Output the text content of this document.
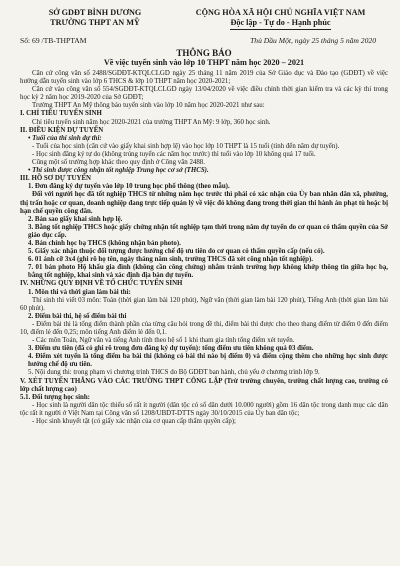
SỞ GDĐT BÌNH DƯƠNG
TRƯỜNG THPT AN MỸ
CỘNG HÒA XÃ HỘI CHỦ NGHĨA VIỆT NAM
Độc lập - Tự do - Hạnh phúc
Số: 69 /TB-THPTAM	Thủ Dầu Một, ngày 25 tháng 5 năm 2020
THÔNG BÁO
Về việc tuyển sinh vào lớp 10 THPT năm học 2020 – 2021

Căn cứ công văn số 2488/SGDĐT-KTQLCLGD ngày 25 tháng 11 năm 2019 của Sở Giáo dục và Đào tạo (GDĐT) về việc hướng dẫn tuyển sinh vào lớp 6 THCS & lớp 10 THPT năm học 2020-2021;

Căn cứ vào công văn số 554/SGDĐT-KTQLCLGD ngày 13/04/2020 về việc điều chỉnh thời gian kiểm tra và các kỳ thi trong học kỳ 2 năm học 2019-2020 của Sở GDĐT;

Trường THPT An Mỹ thông báo tuyển sinh vào lớp 10 năm học 2020-2021 như sau:

I. CHỈ TIÊU TUYỂN SINH

Chỉ tiêu tuyển sinh năm học 2020-2021 của trường THPT An Mỹ: 9 lớp, 360 học sinh.

II. ĐIỀU KIỆN DỰ TUYỂN

• Tuổi của thí sinh dự thi:

- Tuổi của học sinh (căn cứ vào giấy khai sinh hợp lệ) vào học lớp 10 THPT là 15 tuổi (tính đến năm dự tuyển).

- Học sinh đăng ký tự do (không trúng tuyển các năm học trước) thì tuổi vào lớp 10 không quá 17 tuổi.

Cũng một số trường hợp khác theo quy định ở Công văn 2488.

• Thí sinh được công nhận tốt nghiệp Trung học cơ sở (THCS).

III. HỒ SƠ DỰ TUYỂN

1. Đơn đăng ký dự tuyển vào lớp 10 trung học phổ thông (theo mẫu).

Đối với người học đã tốt nghiệp THCS từ những năm học trước thì phải có xác nhận của Ủy ban nhân dân xã, phường, thị trấn hoặc cơ quan, doanh nghiệp đang trực tiếp quản lý về việc đó không đang trong thời gian thi hành án phạt tù hoặc bị hạn chế quyền công dân.

2. Bản sao giấy khai sinh hợp lệ.

3. Bằng tốt nghiệp THCS hoặc giấy chứng nhận tốt nghiệp tạm thời trong năm dự tuyển do cơ quan có thẩm quyền của Sở giáo dục cấp.

4. Bản chính học bạ THCS (không nhận bản photo).

5. Giấy xác nhận thuộc đối tượng được hưởng chế độ ưu tiên do cơ quan có thẩm quyền cấp (nếu có).

6. 01 ảnh cỡ 3x4 (ghi rõ họ tên, ngày tháng năm sinh, trường THCS đã xét công nhận tốt nghiệp).

7. 01 bản photo Hộ khẩu gia đình (không cần công chứng) nhằm tránh trường hợp không khớp thông tin giữa học bạ, bằng tốt nghiệp, khai sinh và xác định địa bàn dự tuyển.

IV. NHỮNG QUY ĐỊNH VỀ TỔ CHỨC TUYỂN SINH

1. Môn thi và thời gian làm bài thi:

Thí sinh thi viết 03 môn: Toán (thời gian làm bài 120 phút), Ngữ văn (thời gian làm bài 120 phút), Tiếng Anh (thời gian làm bài 60 phút).

2. Điểm bài thi, hệ số điểm bài thi

- Điểm bài thi là tổng điểm thành phần của từng câu hỏi trong đề thi, điểm bài thi được cho theo thang điểm từ điểm 0 đến điểm 10, điểm lẻ đến 0,25; môn tiếng Anh điểm lẻ đến 0,1.

- Các môn Toán, Ngữ văn và tiếng Anh tính theo hệ số 1 khi tham gia tính tổng điểm xét tuyển.

3. Điểm ưu tiên (đã có ghi rõ trong đơn đăng ký dự tuyển): tổng điểm ưu tiên không quá 03 điểm.

4. Điểm xét tuyển là tổng điểm ba bài thi (không có bài thi nào bị điểm 0) và điểm cộng thêm cho những học sinh được hưởng chế độ ưu tiên.

5. Nội dung thi: trong phạm vi chương trình THCS do Bộ GDĐT ban hành, chủ yếu ở chương trình lớp 9.

V. XÉT TUYỂN THẲNG VÀO CÁC TRƯỜNG THPT CÔNG LẬP (Trừ trường chuyên, trường chất lượng cao, trường có lớp chất lượng cao)

5.1. Đối tượng học sinh:

- Học sinh là người dân tộc thiểu số rất ít người (dân tộc có số dân dưới 10.000 người) gồm 16 dân tộc trong danh mục các dân tộc rất ít người ở Việt Nam tại Công văn số 1208/UBDT-DTTS ngày 30/10/2015 của Ủy ban dân tộc;

- Học sinh khuyết tật (có giấy xác nhận của cơ quan cấp thẩm quyền cấp);
